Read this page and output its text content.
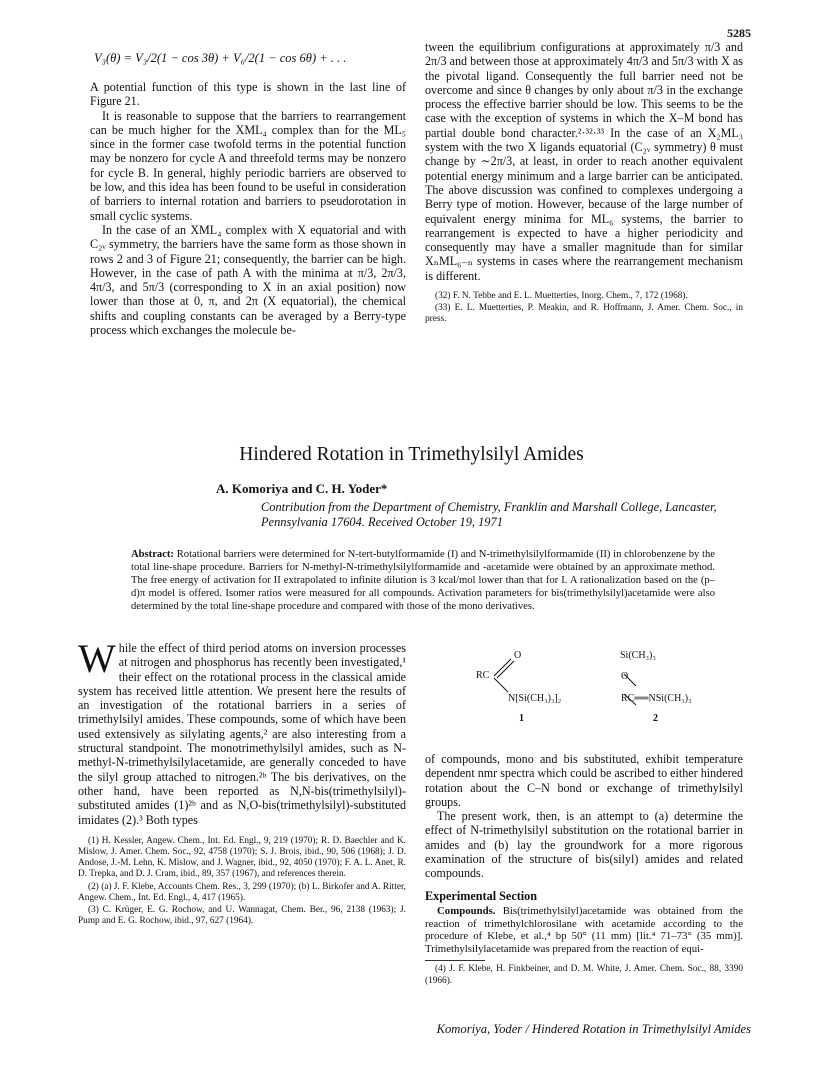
5285

V₃(θ) = V₃/2(1 − cos 3θ) + V₆/2(1 − cos 6θ) + . . .

A potential function of this type is shown in the last line of Figure 21.

It is reasonable to suppose that the barriers to rearrangement can be much higher for the XML₄ complex than for the ML₅ since in the former case twofold terms in the potential function may be nonzero for cycle A and threefold terms may be nonzero for cycle B. In general, highly periodic barriers are observed to be low, and this idea has been found to be useful in consideration of barriers to internal rotation and barriers to pseudorotation in small cyclic systems.

In the case of an XML₄ complex with X equatorial and with C₂ᵥ symmetry, the barriers have the same form as those shown in rows 2 and 3 of Figure 21; consequently, the barrier can be high. However, in the case of path A with the minima at π/3, 2π/3, 4π/3, and 5π/3 (corresponding to X in an axial position) now lower than those at 0, π, and 2π (X equatorial), the chemical shifts and coupling constants can be averaged by a Berry-type process which exchanges the molecule be-

tween the equilibrium configurations at approximately π/3 and 2π/3 and between those at approximately 4π/3 and 5π/3 with X as the pivotal ligand. Consequently the full barrier need not be overcome and since θ changes by only about π/3 in the exchange process the effective barrier should be low. This seems to be the case with the exception of systems in which the X–M bond has partial double bond character.²·³²·³³ In the case of an X₂ML₃ system with the two X ligands equatorial (C₂ᵥ symmetry) θ must change by ∼2π/3, at least, in order to reach another equivalent potential energy minimum and a large barrier can be anticipated. The above discussion was confined to complexes undergoing a Berry type of motion. However, because of the large number of equivalent energy minima for ML₆ systems, the barrier to rearrangement is expected to have a higher periodicity and consequently may have a smaller magnitude than for similar XₙML₆₋ₙ systems in cases where the rearrangement mechanism is different.

(32) F. N. Tebbe and E. L. Muetterties, Inorg. Chem., 7, 172 (1968).

(33) E. L. Muetterties, P. Meakin, and R. Hoffmann, J. Amer. Chem. Soc., in press.

Hindered Rotation in Trimethylsilyl Amides
A. Komoriya and C. H. Yoder*
Contribution from the Department of Chemistry, Franklin and Marshall College, Lancaster, Pennsylvania 17604. Received October 19, 1971
Abstract: Rotational barriers were determined for N-tert-butylformamide (I) and N-trimethylsilylformamide (II) in chlorobenzene by the total line-shape procedure. Barriers for N-methyl-N-trimethylsilylformamide and -acetamide were obtained by an approximate method. The free energy of activation for II extrapolated to infinite dilution is 3 kcal/mol lower than that for I. A rationalization based on the (p–d)π model is offered. Isomer ratios were measured for all compounds. Activation parameters for bis(trimethylsilyl)acetamide were also determined by the total line-shape procedure and compared with those of the mono derivatives.

While the effect of third period atoms on inversion processes at nitrogen and phosphorus has recently been investigated,¹ their effect on the rotational process in the classical amide system has received little attention. We present here the results of an investigation of the rotational barriers in a series of trimethylsilyl amides. These compounds, some of which have been used extensively as silylating agents,² are also interesting from a structural standpoint. The monotrimethylsilyl amides, such as N-methyl-N-trimethylsilylacetamide, are generally conceded to have the silyl group attached to nitrogen.²ᵇ The bis derivatives, on the other hand, have been reported as N,N-bis(trimethylsilyl)-substituted amides (1)²ᵇ and as N,O-bis(trimethylsilyl)-substituted imidates (2).³ Both types

(1) H. Kessler, Angew. Chem., Int. Ed. Engl., 9, 219 (1970); R. D. Baechler and K. Mislow, J. Amer. Chem. Soc., 92, 4758 (1970); S. J. Brois, ibid., 90, 506 (1968); J. D. Andose, J.-M. Lehn, K. Mislow, and J. Wagner, ibid., 92, 4050 (1970); F. A. L. Anet, R. D. Trepka, and D. J. Cram, ibid., 89, 357 (1967), and references therein.

(2) (a) J. F. Klebe, Accounts Chem. Res., 3, 299 (1970); (b) L. Birkofer and A. Ritter, Angew. Chem., Int. Ed. Engl., 4, 417 (1965).

(3) C. Krüger, E. G. Rochow, and U. Wannagat, Chem. Ber., 96, 2138 (1963); J. Pump and E. G. Rochow, ibid., 97, 627 (1964).

O
RC
N[Si(CH₃)₃]₂
1
Si(CH₃)₃
O
RC══NSi(CH₃)₃
2

of compounds, mono and bis substituted, exhibit temperature dependent nmr spectra which could be ascribed to either hindered rotation about the C–N bond or exchange of trimethylsilyl groups.

The present work, then, is an attempt to (a) determine the effect of N-trimethylsilyl substitution on the rotational barrier in amides and (b) lay the groundwork for a more rigorous examination of the structure of bis(silyl) amides and related compounds.

Experimental Section

Compounds. Bis(trimethylsilyl)acetamide was obtained from the reaction of trimethylchlorosilane with acetamide according to the procedure of Klebe, et al.,⁴ bp 50° (11 mm) [lit.⁴ 71–73° (35 mm)]. Trimethylsilylacetamide was prepared from the reaction of equi-

(4) J. F. Klebe, H. Finkbeiner, and D. M. White, J. Amer. Chem. Soc., 88, 3390 (1966).

Komoriya, Yoder / Hindered Rotation in Trimethylsilyl Amides
